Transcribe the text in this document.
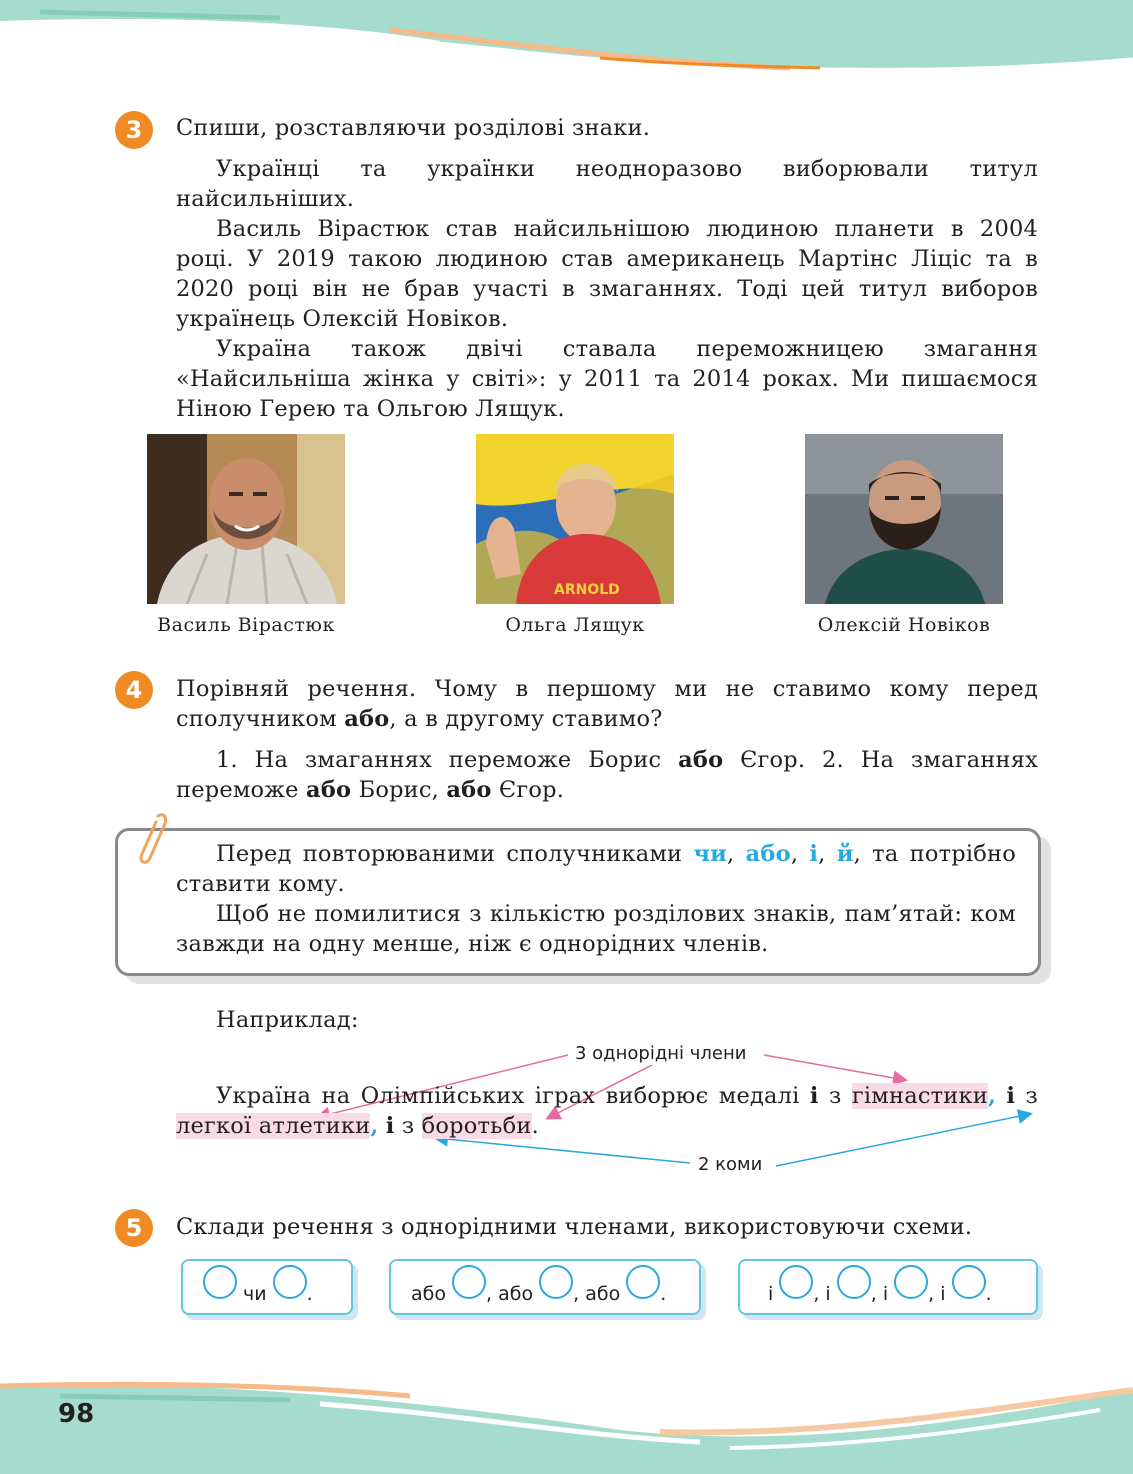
3	Спиши, розставляючи розділові знаки.
Українці та українки неодноразово виборювали титул найсильніших.
Василь Вірастюк став найсильнішою людиною планети в 2004 році. У 2019 такою людиною став американець Мартінс Ліціс та в 2020 році він не брав участі в змаганнях. Тоді цей титул виборов українець Олексій Новіков.
Україна також двічі ставала переможницею змагання «Найсильніша жінка у світі»: у 2011 та 2014 роках. Ми пишаємося Ніною Герею та Ольгою Лящук.
ARNOLD
Василь Вірастюк	Ольга Лящук	Олексій Новіков
4	Порівняй речення. Чому в першому ми не ставимо кому перед сполучником або, а в другому ставимо?
1. На змаганнях переможе Борис або Єгор. 2. На змаганнях переможе або Борис, або Єгор.
Перед повторюваними сполучниками чи, або, і, й, та потрібно ставити кому.
Щоб не помилитися з кількістю розділових знаків, пам’ятай: ком завжди на одну менше, ніж є однорідних членів.
Наприклад:
3 однорідні члени
2 коми
Україна на Олімпійських іграх виборює медалі і з гімнастики, і з легкої атлетики, і з боротьби.
5	Склади речення з однорідними членами, використовуючи схеми.
чи .	або , або , або .	і , і , і , і .
98
